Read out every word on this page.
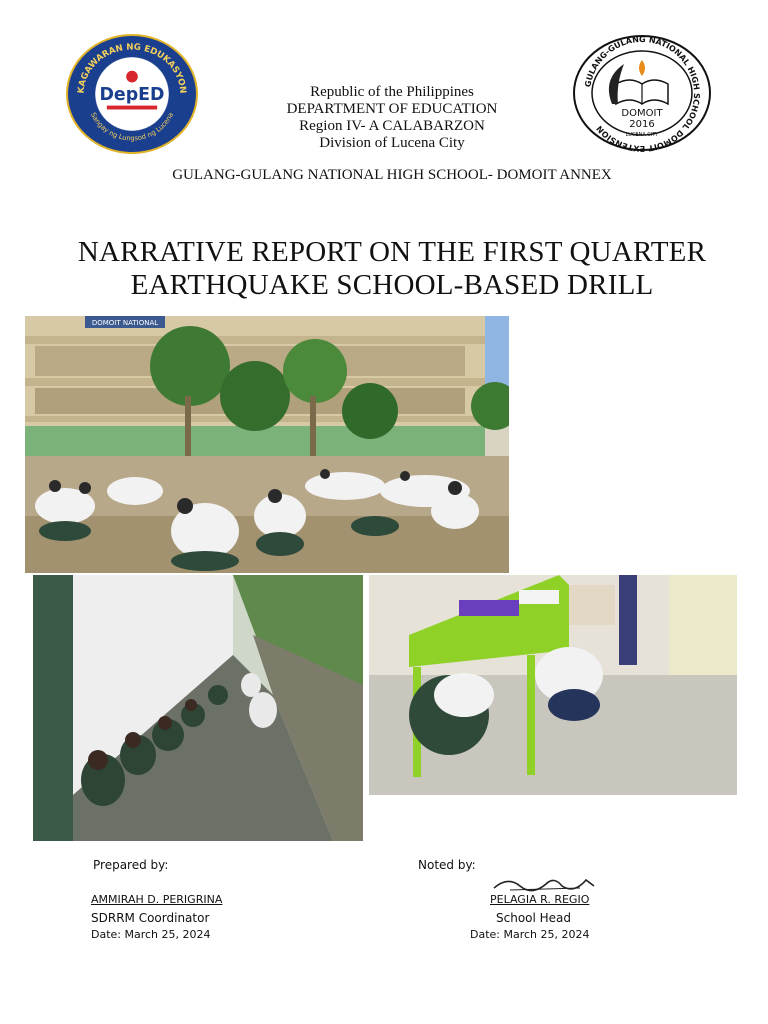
KAGAWARAN NG EDUKASYON
Sangay ng Lungsod ng Lucena
DepED	Republic of the Philippines
DEPARTMENT OF EDUCATION
Region IV- A CALABARZON
Division of Lucena City
GULANG-GULANG NATIONAL HIGH SCHOOL DOMOIT EXTENSION
DOMOIT
2016
LUCENA CITY
GULANG-GULANG NATIONAL HIGH SCHOOL- DOMOIT ANNEX
NARRATIVE REPORT ON THE FIRST QUARTER EARTHQUAKE SCHOOL-BASED DRILL
DOMOIT NATIONAL
Prepared by:	Noted by:
AMMIRAH D. PERIGRINA	PELAGIA R. REGIO
SDRRM Coordinator	School Head
Date: March 25, 2024	Date: March 25, 2024
